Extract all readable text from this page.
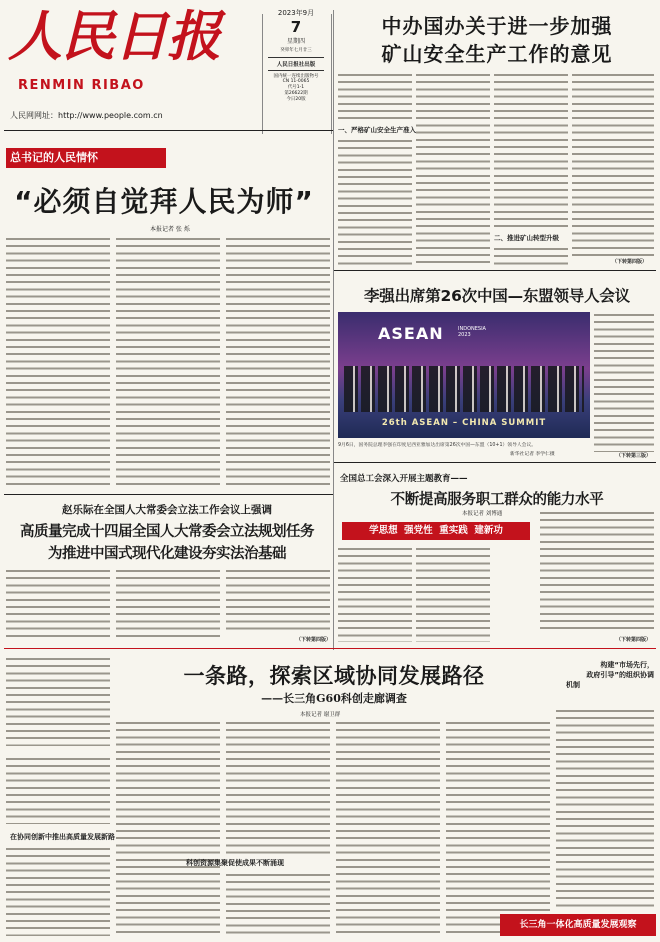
人民日报
RENMIN RIBAO
人民网网址：http://www.people.com.cn
2023年9月
7
星期四
癸卯年七月廿三
人民日报社出版
国内统一连续出版物号
CN 11-0065
代号1-1
第26622期
今日20版
中办国办关于进一步加强
矿山安全生产工作的意见
一、严格矿山安全生产准入
二、推进矿山转型升级
（下转第四版）
总书记的人民情怀
“必须自觉拜人民为师”
本报记者 张 烁
李强出席第26次中国—东盟领导人会议
ASEAN	INDONESIA 2023
26th ASEAN – CHINA SUMMIT
9月6日，国务院总理李强在印度尼西亚雅加达出席第26次中国—东盟（10+1）领导人会议。
新华社记者 李学仁摄	（下转第三版）
赵乐际在全国人大常委会立法工作会议上强调
高质量完成十四届全国人大常委会立法规划任务
为推进中国式现代化建设夯实法治基础
（下转第四版）
全国总工会深入开展主题教育——
不断提高服务职工群众的能力水平
本报记者 刘博通
学思想  强党性  重实践  建新功
（下转第四版）
一条路，探索区域协同发展路径
——长三角G60科创走廊调查
本报记者 谢卫群
构建“市场先行，
政府引导”的组织协调
机制
在协同创新中推出高质量发展新路
科创资源集聚促使成果不断涌现
长三角一体化高质量发展观察
